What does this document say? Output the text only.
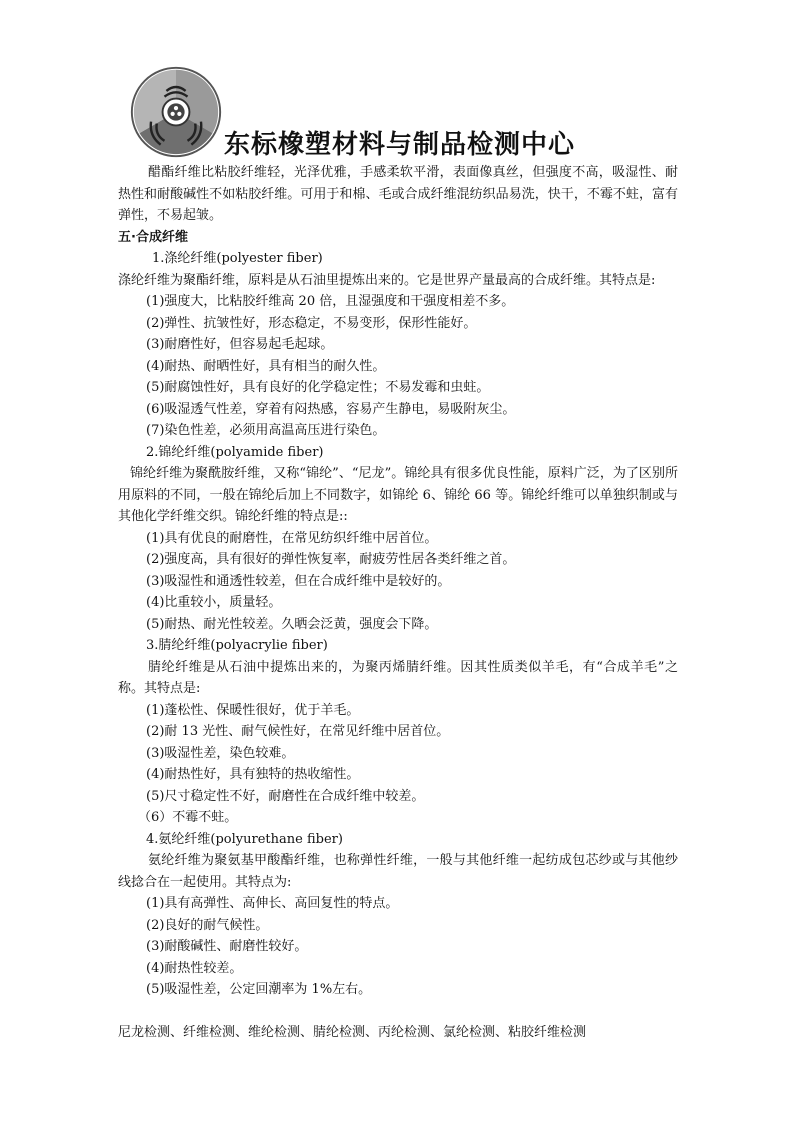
东标橡塑材料与制品检测中心

醋酯纤维比粘胶纤维轻，光泽优雅，手感柔软平滑，表面像真丝，但强度不高，吸湿性、耐热性和耐酸碱性不如粘胶纤维。可用于和棉、毛或合成纤维混纺织品易洗，快干，不霉不蛀，富有弹性，不易起皱。

五·合成纤维

1.涤纶纤维(polyester fiber)

涤纶纤维为聚酯纤维，原料是从石油里提炼出来的。它是世界产量最高的合成纤维。其特点是:

(1)强度大，比粘胶纤维高 20 倍，且湿强度和干强度相差不多。

(2)弹性、抗皱性好，形态稳定，不易变形，保形性能好。

(3)耐磨性好，但容易起毛起球。

(4)耐热、耐晒性好，具有相当的耐久性。

(5)耐腐蚀性好，具有良好的化学稳定性；不易发霉和虫蛀。

(6)吸湿透气性差，穿着有闷热感，容易产生静电，易吸附灰尘。

(7)染色性差，必须用高温高压进行染色。

2.锦纶纤维(polyamide fiber)

锦纶纤维为聚酰胺纤维，又称“锦纶”、“尼龙”。锦纶具有很多优良性能，原料广泛，为了区别所用原料的不同，一般在锦纶后加上不同数字，如锦纶 6、锦纶 66 等。锦纶纤维可以单独织制或与其他化学纤维交织。锦纶纤维的特点是::

(1)具有优良的耐磨性，在常见纺织纤维中居首位。

(2)强度高，具有很好的弹性恢复率，耐疲劳性居各类纤维之首。

(3)吸湿性和通透性较差，但在合成纤维中是较好的。

(4)比重较小，质量轻。

(5)耐热、耐光性较差。久晒会泛黄，强度会下降。

3.腈纶纤维(polyacrylie fiber)

腈纶纤维是从石油中提炼出来的，为聚丙烯腈纤维。因其性质类似羊毛，有“合成羊毛”之称。其特点是:

(1)蓬松性、保暖性很好，优于羊毛。

(2)耐 13 光性、耐气候性好，在常见纤维中居首位。

(3)吸湿性差，染色较难。

(4)耐热性好，具有独特的热收缩性。

(5)尺寸稳定性不好，耐磨性在合成纤维中较差。

（6）不霉不蛀。

4.氨纶纤维(polyurethane fiber)

氨纶纤维为聚氨基甲酸酯纤维，也称弹性纤维，一般与其他纤维一起纺成包芯纱或与其他纱线捻合在一起使用。其特点为:

(1)具有高弹性、高伸长、高回复性的特点。

(2)良好的耐气候性。

(3)耐酸碱性、耐磨性较好。

(4)耐热性较差。

(5)吸湿性差，公定回潮率为 1%左右。

尼龙检测、纤维检测、维纶检测、腈纶检测、丙纶检测、氯纶检测、粘胶纤维检测
